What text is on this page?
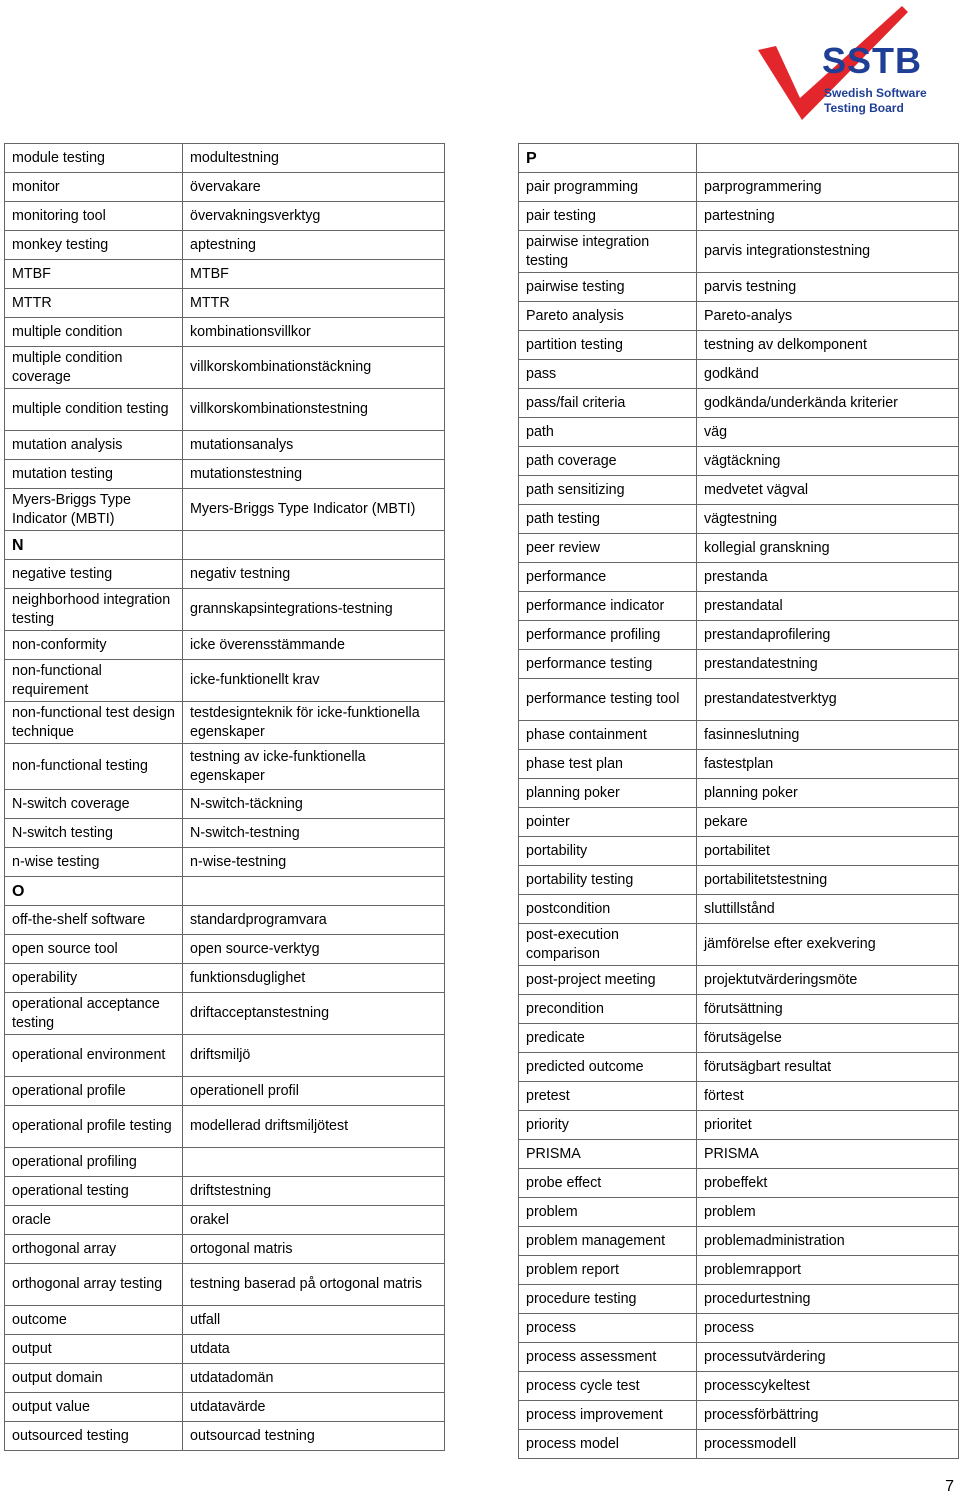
SSTB
Swedish Software Testing Board
module testing	modultestning
monitor	övervakare
monitoring tool	övervakningsverktyg
monkey testing	aptestning
MTBF	MTBF
MTTR	MTTR
multiple condition	kombinationsvillkor
multiple condition coverage	villkorskombinationstäckning
multiple condition testing	villkorskombinationstestning
mutation analysis	mutationsanalys
mutation testing	mutationstestning
Myers-Briggs Type Indicator (MBTI)	Myers-Briggs Type Indicator (MBTI)
N	
negative testing	negativ testning
neighborhood integration testing	grannskapsintegrations-testning
non-conformity	icke överensstämmande
non-functional requirement	icke-funktionellt krav
non-functional test design technique	testdesignteknik för icke-funktionella egenskaper
non-functional testing	testning av icke-funktionella egenskaper
N-switch coverage	N-switch-täckning
N-switch testing	N-switch-testning
n-wise testing	n-wise-testning
O	
off-the-shelf software	standardprogramvara
open source tool	open source-verktyg
operability	funktionsduglighet
operational acceptance testing	driftacceptanstestning
operational environment	driftsmiljö
operational profile	operationell profil
operational profile testing	modellerad driftsmiljötest
operational profiling	
operational testing	driftstestning
oracle	orakel
orthogonal array	ortogonal matris
orthogonal array testing	testning baserad på ortogonal matris
outcome	utfall
output	utdata
output domain	utdatadomän
output value	utdatavärde
outsourced testing	outsourcad testning
P	
pair programming	parprogrammering
pair testing	partestning
pairwise integration testing	parvis integrationstestning
pairwise testing	parvis testning
Pareto analysis	Pareto-analys
partition testing	testning av delkomponent
pass	godkänd
pass/fail criteria	godkända/underkända kriterier
path	väg
path coverage	vägtäckning
path sensitizing	medvetet vägval
path testing	vägtestning
peer review	kollegial granskning
performance	prestanda
performance indicator	prestandatal
performance profiling	prestandaprofilering
performance testing	prestandatestning
performance testing tool	prestandatestverktyg
phase containment	fasinneslutning
phase test plan	fastestplan
planning poker	planning poker
pointer	pekare
portability	portabilitet
portability testing	portabilitetstestning
postcondition	sluttillstånd
post-execution comparison	jämförelse efter exekvering
post-project meeting	projektutvärderingsmöte
precondition	förutsättning
predicate	förutsägelse
predicted outcome	förutsägbart resultat
pretest	förtest
priority	prioritet
PRISMA	PRISMA
probe effect	probeffekt
problem	problem
problem management	problemadministration
problem report	problemrapport
procedure testing	procedurtestning
process	process
process assessment	processutvärdering
process cycle test	processcykeltest
process improvement	processförbättring
process model	processmodell
7
